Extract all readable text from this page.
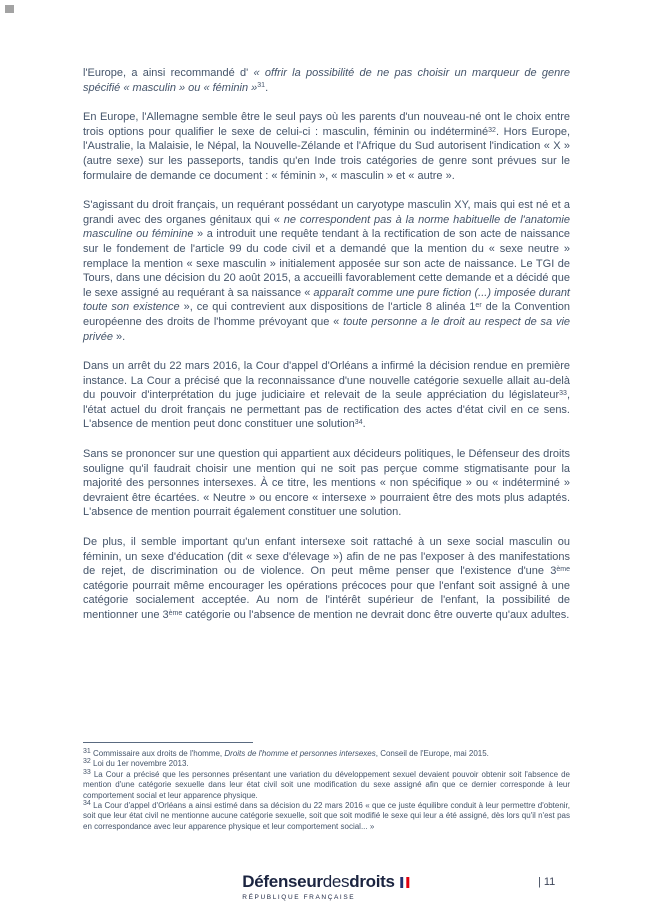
l'Europe, a ainsi recommandé d' « offrir la possibilité de ne pas choisir un marqueur de genre spécifié « masculin » ou « féminin »$^{31}$.

En Europe, l'Allemagne semble être le seul pays où les parents d'un nouveau-né ont le choix entre trois options pour qualifier le sexe de celui-ci : masculin, féminin ou indéterminé$^{32}$. Hors Europe, l'Australie, la Malaisie, le Népal, la Nouvelle-Zélande et l'Afrique du Sud autorisent l'indication « X » (autre sexe) sur les passeports, tandis qu'en Inde trois catégories de genre sont prévues sur le formulaire de demande ce document : « féminin », « masculin » et « autre ».

S'agissant du droit français, un requérant possédant un caryotype masculin XY, mais qui est né et a grandi avec des organes génitaux qui « ne correspondent pas à la norme habituelle de l'anatomie masculine ou féminine » a introduit une requête tendant à la rectification de son acte de naissance sur le fondement de l'article 99 du code civil et a demandé que la mention du « sexe neutre » remplace la mention « sexe masculin » initialement apposée sur son acte de naissance. Le TGI de Tours, dans une décision du 20 août 2015, a accueilli favorablement cette demande et a décidé que le sexe assigné au requérant à sa naissance « apparaît comme une pure fiction (...) imposée durant toute son existence », ce qui contrevient aux dispositions de l'article 8 alinéa 1er de la Convention européenne des droits de l'homme prévoyant que « toute personne a le droit au respect de sa vie privée ».

Dans un arrêt du 22 mars 2016, la Cour d'appel d'Orléans a infirmé la décision rendue en première instance. La Cour a précisé que la reconnaissance d'une nouvelle catégorie sexuelle allait au-delà du pouvoir d'interprétation du juge judiciaire et relevait de la seule appréciation du législateur$^{33}$, l'état actuel du droit français ne permettant pas de rectification des actes d'état civil en ce sens. L'absence de mention peut donc constituer une solution$^{34}$.

Sans se prononcer sur une question qui appartient aux décideurs politiques, le Défenseur des droits souligne qu'il faudrait choisir une mention qui ne soit pas perçue comme stigmatisante pour la majorité des personnes intersexes. À ce titre, les mentions « non spécifique » ou « indéterminé » devraient être écartées. « Neutre » ou encore « intersexe » pourraient être des mots plus adaptés. L'absence de mention pourrait également constituer une solution.

De plus, il semble important qu'un enfant intersexe soit rattaché à un sexe social masculin ou féminin, un sexe d'éducation (dit « sexe d'élevage ») afin de ne pas l'exposer à des manifestations de rejet, de discrimination ou de violence. On peut même penser que l'existence d'une 3ème catégorie pourrait même encourager les opérations précoces pour que l'enfant soit assigné à une catégorie socialement acceptée. Au nom de l'intérêt supérieur de l'enfant, la possibilité de mentionner une 3ème catégorie ou l'absence de mention ne devrait donc être ouverte qu'aux adultes.

$^{31}$ Commissaire aux droits de l'homme, Droits de l'homme et personnes intersexes, Conseil de l'Europe, mai 2015.

$^{32}$ Loi du 1er novembre 2013.

$^{33}$ La Cour a précisé que les personnes présentant une variation du développement sexuel devaient pouvoir obtenir soit l'absence de mention d'une catégorie sexuelle dans leur état civil soit une modification du sexe assigné afin que ce dernier corresponde à leur comportement social et leur apparence physique.

$^{34}$ La Cour d'appel d'Orléans a ainsi estimé dans sa décision du 22 mars 2016 « que ce juste équilibre conduit à leur permettre d'obtenir, soit que leur état civil ne mentionne aucune catégorie sexuelle, soit que soit modifié le sexe qui leur a été assigné, dès lors qu'il n'est pas en correspondance avec leur apparence physique et leur comportement social... »

Défenseur des droits
RÉPUBLIQUE FRANÇAISE
| 11
